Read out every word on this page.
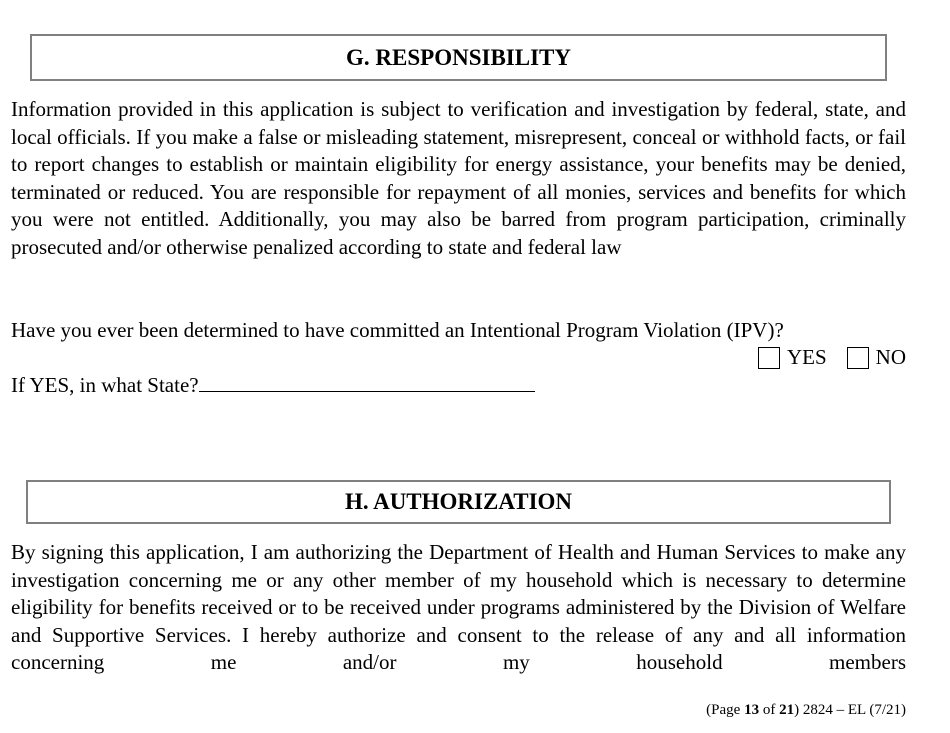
G. RESPONSIBILITY

Information provided in this application is subject to verification and investigation by federal, state, and local officials. If you make a false or misleading statement, misrepresent, conceal or withhold facts, or fail to report changes to establish or maintain eligibility for energy assistance, your benefits may be denied, terminated or reduced. You are responsible for repayment of all monies, services and benefits for which you were not entitled. Additionally, you may also be barred from program participation, criminally prosecuted and/or otherwise penalized according to state and federal law

Have you ever been determined to have committed an Intentional Program Violation (IPV)?

YES NO

If YES, in what State?

H. AUTHORIZATION

By signing this application, I am authorizing the Department of Health and Human Services to make any investigation concerning me or any other member of my household which is necessary to determine eligibility for benefits received or to be received under programs administered by the Division of Welfare and Supportive Services. I hereby authorize and consent to the release of any and all information concerning me and/or my household members

(Page 13 of 21) 2824 – EL (7/21)
